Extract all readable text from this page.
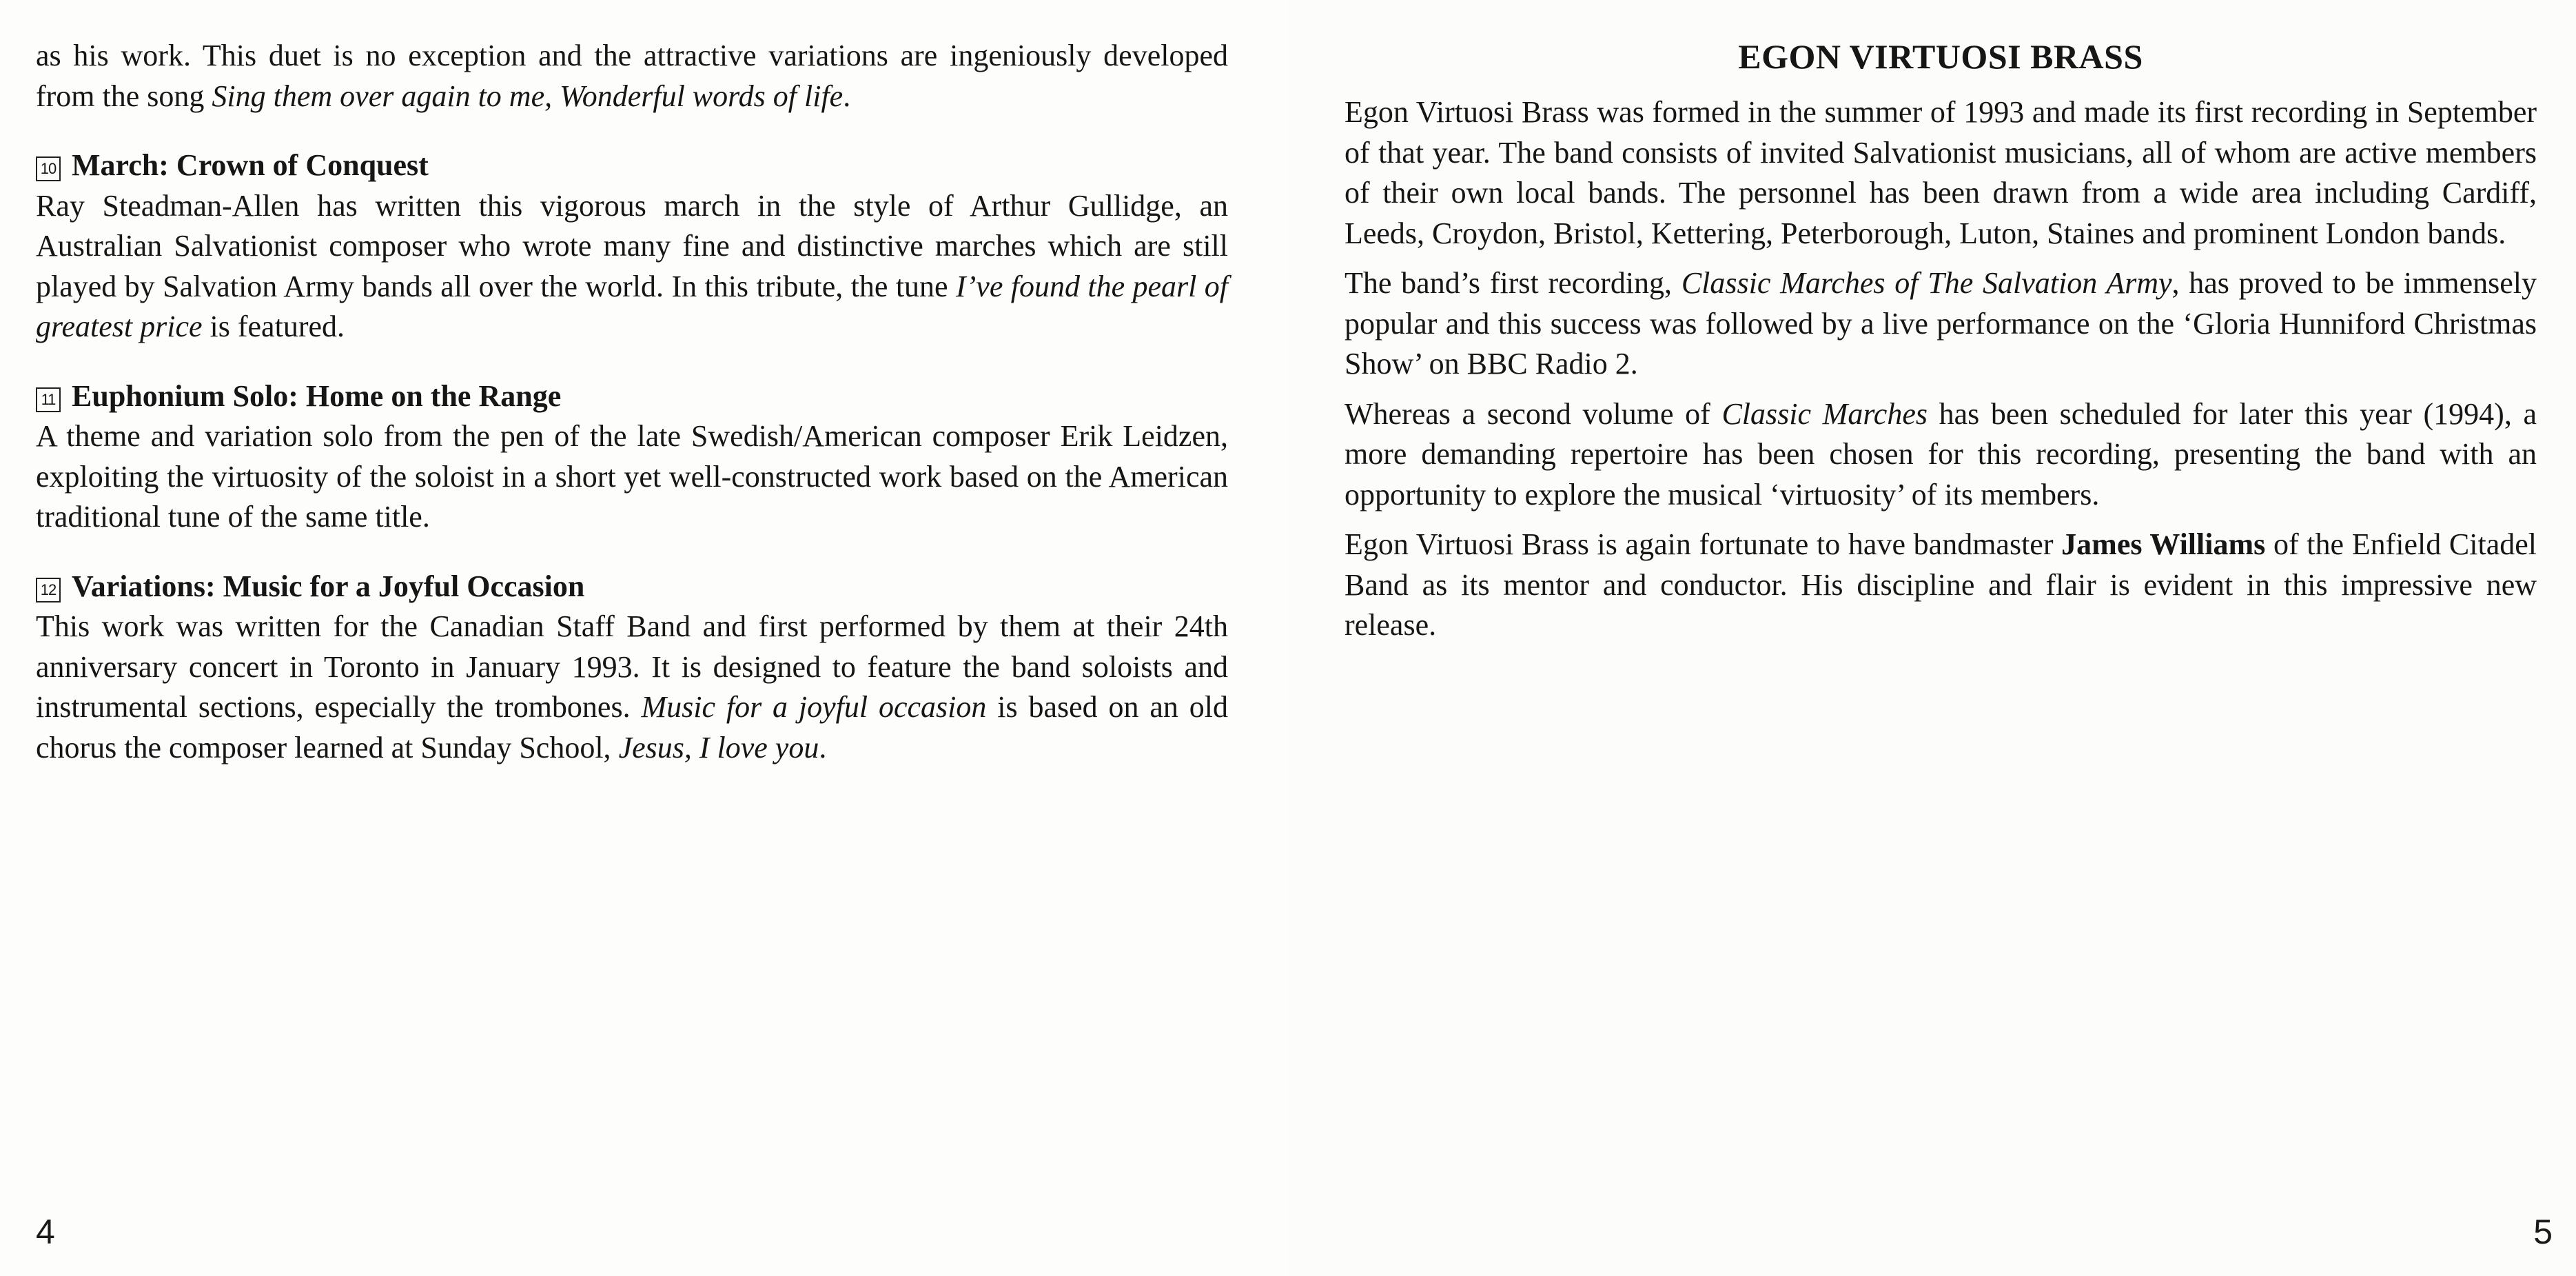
as his work. This duet is no exception and the attractive variations are ingeniously developed from the song Sing them over again to me, Wonderful words of life.

10 March: Crown of Conquest

Ray Steadman-Allen has written this vigorous march in the style of Arthur Gullidge, an Australian Salvationist composer who wrote many fine and distinctive marches which are still played by Salvation Army bands all over the world. In this tribute, the tune I’ve found the pearl of greatest price is featured.

11 Euphonium Solo: Home on the Range

A theme and variation solo from the pen of the late Swedish/American composer Erik Leidzen, exploiting the virtuosity of the soloist in a short yet well-constructed work based on the American traditional tune of the same title.

12 Variations: Music for a Joyful Occasion

This work was written for the Canadian Staff Band and first performed by them at their 24th anniversary concert in Toronto in January 1993. It is designed to feature the band soloists and instrumental sections, especially the trombones. Music for a joyful occasion is based on an old chorus the composer learned at Sunday School, Jesus, I love you.

4
EGON VIRTUOSI BRASS

Egon Virtuosi Brass was formed in the summer of 1993 and made its first recording in September of that year. The band consists of invited Salvationist musicians, all of whom are active members of their own local bands. The personnel has been drawn from a wide area including Cardiff, Leeds, Croydon, Bristol, Kettering, Peterborough, Luton, Staines and prominent London bands.

The band’s first recording, Classic Marches of The Salvation Army, has proved to be immensely popular and this success was followed by a live performance on the ‘Gloria Hunniford Christmas Show’ on BBC Radio 2.

Whereas a second volume of Classic Marches has been scheduled for later this year (1994), a more demanding repertoire has been chosen for this recording, presenting the band with an opportunity to explore the musical ‘virtuosity’ of its members.

Egon Virtuosi Brass is again fortunate to have bandmaster James Williams of the Enfield Citadel Band as its mentor and conductor. His discipline and flair is evident in this impressive new release.

5
